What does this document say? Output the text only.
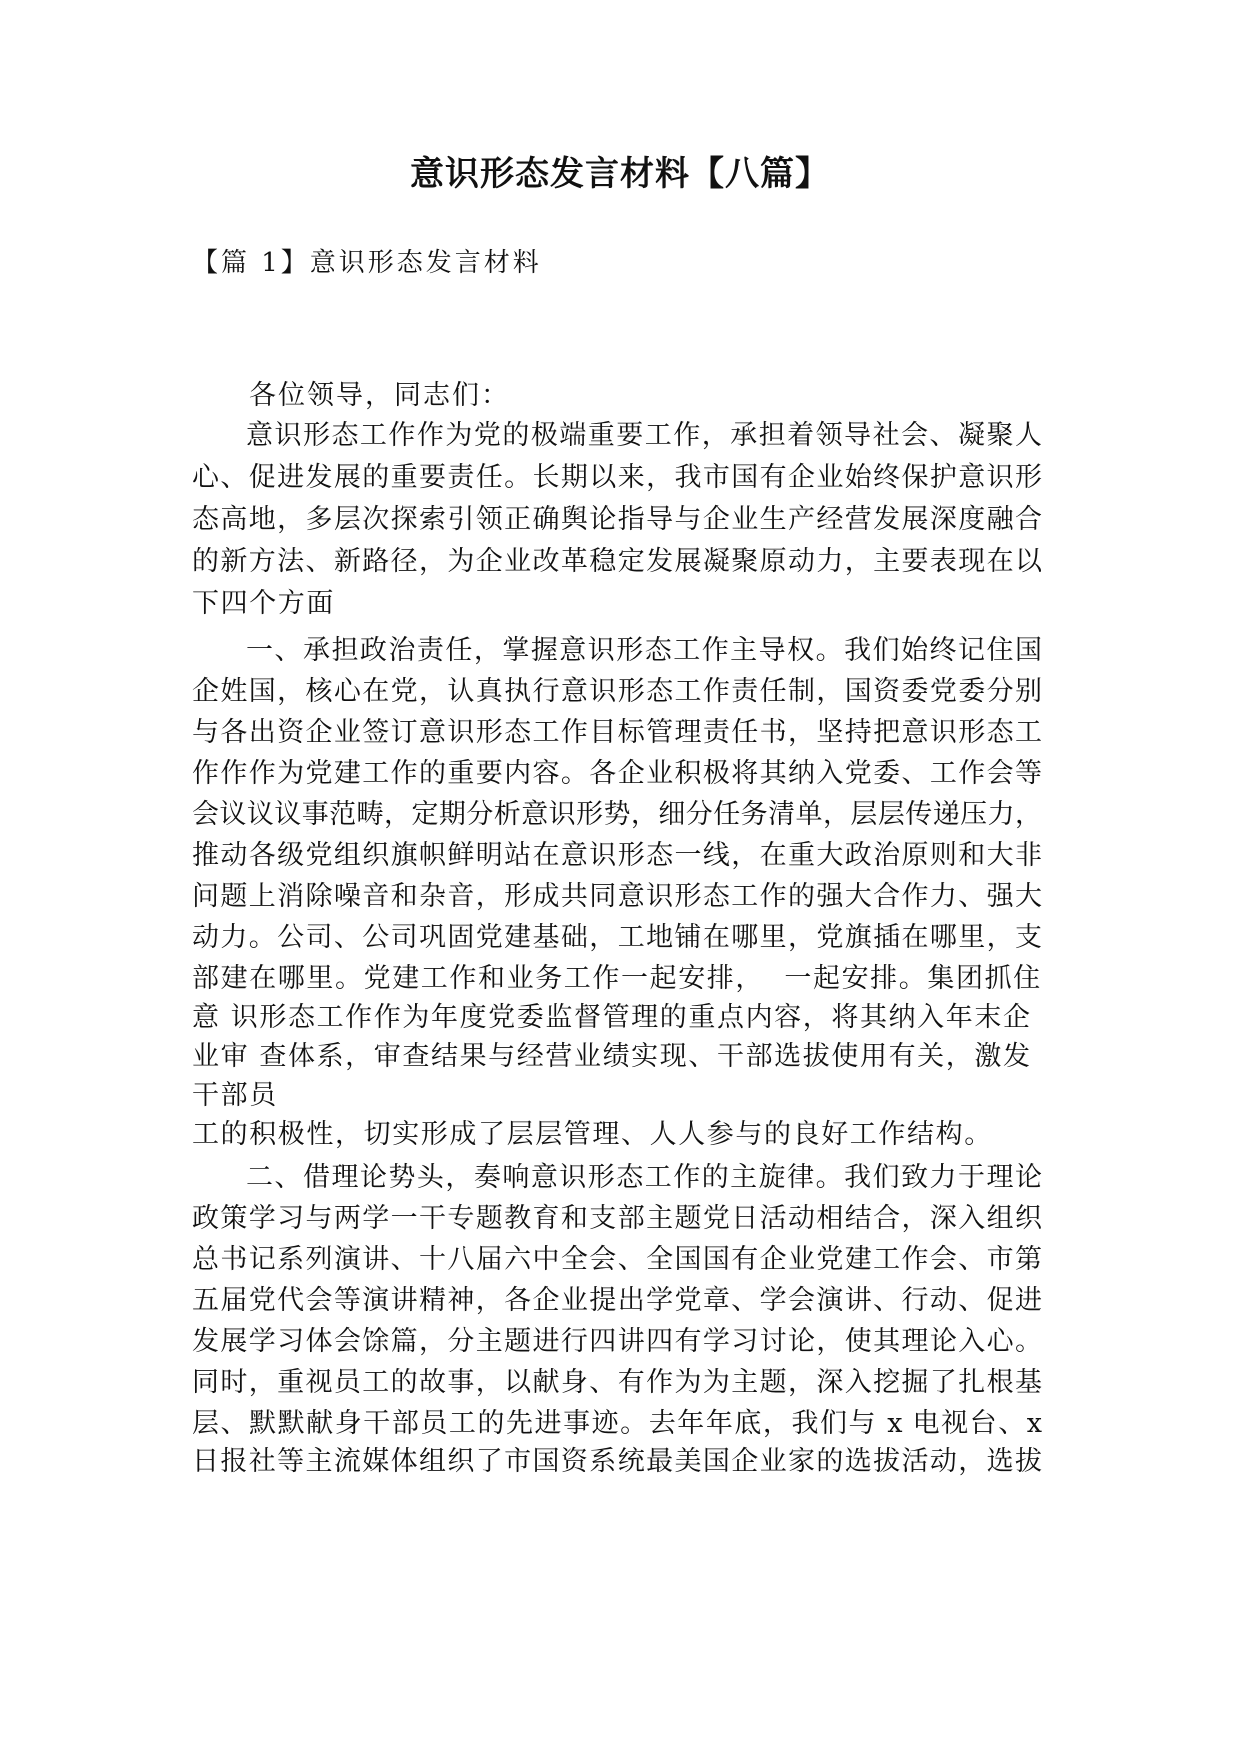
意识形态发言材料【八篇】
【篇 1】意识形态发言材料
各位领导，同志们：
意识形态工作作为党的极端重要工作，承担着领导社会、凝聚人
心、促进发展的重要责任。长期以来，我市国有企业始终保护意识形
态高地，多层次探索引领正确舆论指导与企业生产经营发展深度融合
的新方法、新路径，为企业改革稳定发展凝聚原动力，主要表现在以
下四个方面
一、承担政治责任，掌握意识形态工作主导权。我们始终记住国
企姓国，核心在党，认真执行意识形态工作责任制，国资委党委分别
与各出资企业签订意识形态工作目标管理责任书，坚持把意识形态工
作作作为党建工作的重要内容。各企业积极将其纳入党委、工作会等
会议议议事范畴，定期分析意识形势，细分任务清单，层层传递压力，
推动各级党组织旗帜鲜明站在意识形态一线，在重大政治原则和大非
问题上消除噪音和杂音，形成共同意识形态工作的强大合作力、强大
动力。公司、公司巩固党建基础，工地铺在哪里，党旗插在哪里，支
部建在哪里。党建工作和业务工作一起安排，  一起安排。集团抓住
意 识形态工作作为年度党委监督管理的重点内容，将其纳入年末企
业审 查体系，审查结果与经营业绩实现、干部选拔使用有关，激发
干部员
工的积极性，切实形成了层层管理、人人参与的良好工作结构。
二、借理论势头，奏响意识形态工作的主旋律。我们致力于理论
政策学习与两学一干专题教育和支部主题党日活动相结合，深入组织
总书记系列演讲、十八届六中全会、全国国有企业党建工作会、市第
五届党代会等演讲精神，各企业提出学党章、学会演讲、行动、促进
发展学习体会馀篇，分主题进行四讲四有学习讨论，使其理论入心。
同时，重视员工的故事，以献身、有作为为主题，深入挖掘了扎根基
层、默默献身干部员工的先进事迹。去年年底，我们与 x 电视台、x
日报社等主流媒体组织了市国资系统最美国企业家的选拔活动，选拔
